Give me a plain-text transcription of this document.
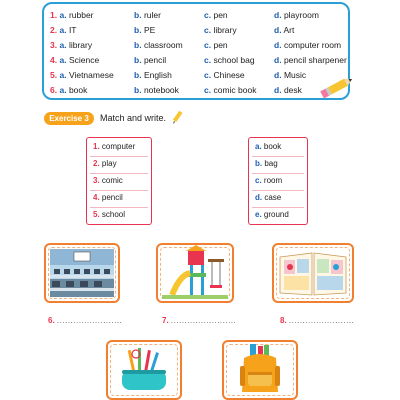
1. a. rubber	b. ruler	c. pen	d. playroom
2. a. IT	b. PE	c. library	d. Art
3. a. library	b. classroom	c. pen	d. computer room
4. a. Science	b. pencil	c. school bag d. pencil sharpener
5. a. Vietnamese b. English	c. Chinese	d. Music
6. a. book	b. notebook	c. comic book d. desk
Exercise 3	Match and write.
1. computer
2. play
3. comic
4. pencil
5. school
a. book
b. bag
c. room
d. case
e. ground
6. ........................	7. ........................	8. ........................
